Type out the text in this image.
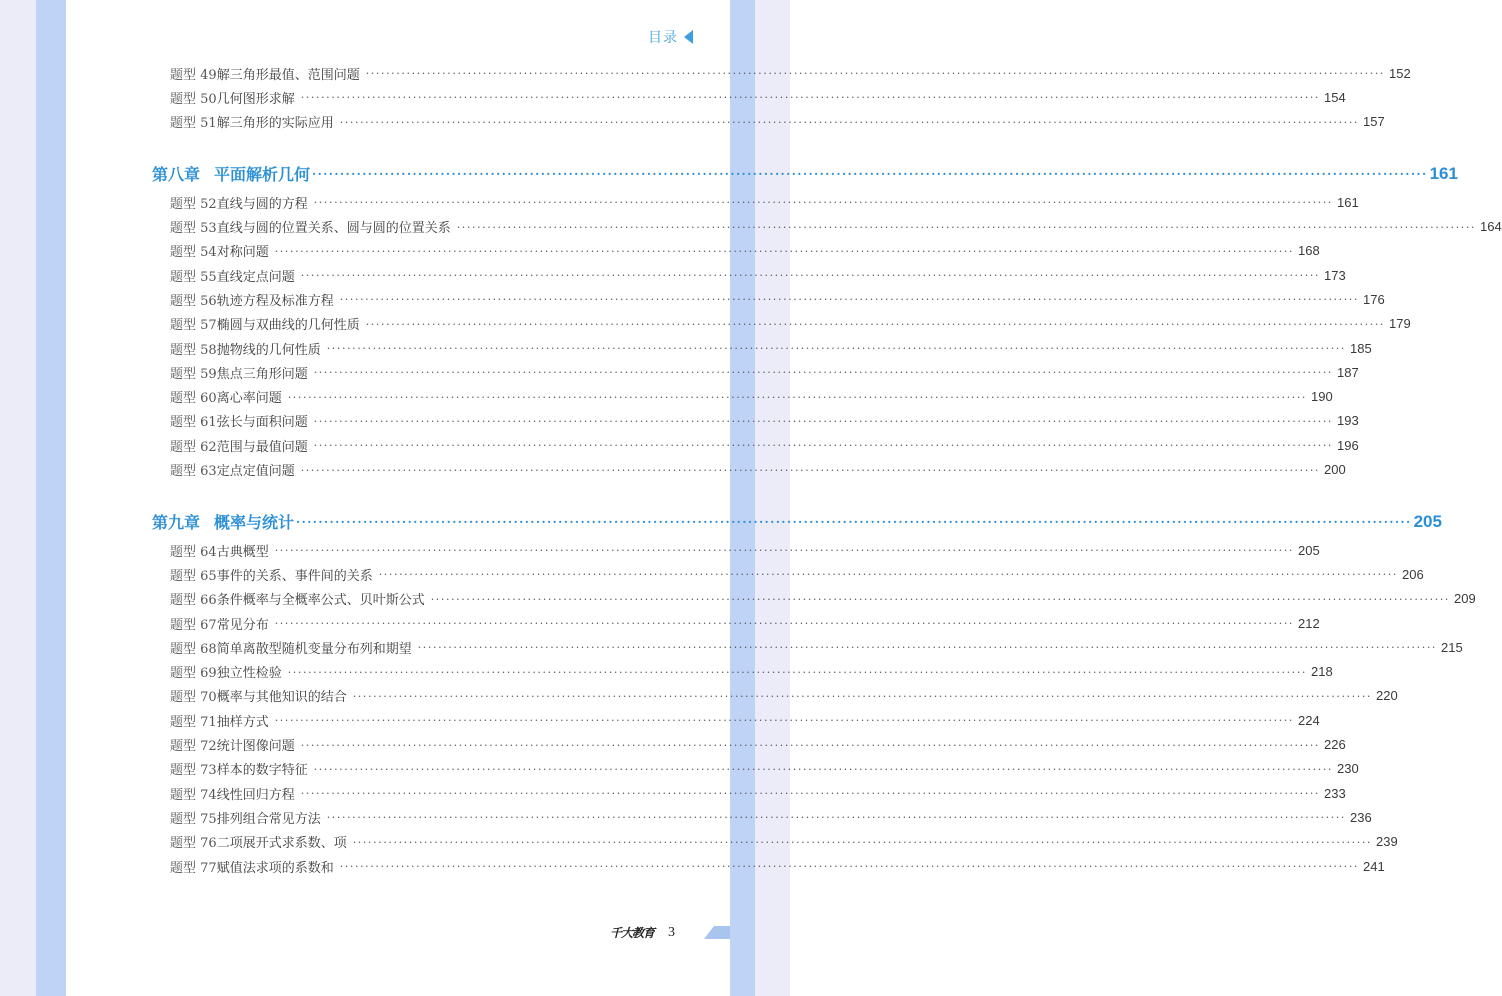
目录
题型 49 解三角形最值、范围问题 ········································································································································································································ 152
题型 50 几何图形求解 ········································································································································································································ 154
题型 51 解三角形的实际应用 ········································································································································································································ 157
第八章 平面解析几何 ········································································································································································································ 161
题型 52 直线与圆的方程 ········································································································································································································ 161
题型 53 直线与圆的位置关系、圆与圆的位置关系 ········································································································································································································ 164
题型 54 对称问题 ········································································································································································································ 168
题型 55 直线定点问题 ········································································································································································································ 173
题型 56 轨迹方程及标准方程 ········································································································································································································ 176
题型 57 椭圆与双曲线的几何性质 ········································································································································································································ 179
题型 58 抛物线的几何性质 ········································································································································································································ 185
题型 59 焦点三角形问题 ········································································································································································································ 187
题型 60 离心率问题 ········································································································································································································ 190
题型 61 弦长与面积问题 ········································································································································································································ 193
题型 62 范围与最值问题 ········································································································································································································ 196
题型 63 定点定值问题 ········································································································································································································ 200
第九章 概率与统计 ········································································································································································································ 205
题型 64 古典概型 ········································································································································································································ 205
题型 65 事件的关系、事件间的关系 ········································································································································································································ 206
题型 66 条件概率与全概率公式、贝叶斯公式 ········································································································································································································ 209
题型 67 常见分布 ········································································································································································································ 212
题型 68 简单离散型随机变量分布列和期望 ········································································································································································································ 215
题型 69 独立性检验 ········································································································································································································ 218
题型 70 概率与其他知识的结合 ········································································································································································································ 220
题型 71 抽样方式 ········································································································································································································ 224
题型 72 统计图像问题 ········································································································································································································ 226
题型 73 样本的数字特征 ········································································································································································································ 230
题型 74 线性回归方程 ········································································································································································································ 233
题型 75 排列组合常见方法 ········································································································································································································ 236
题型 76 二项展开式求系数、项 ········································································································································································································ 239
题型 77 赋值法求项的系数和 ········································································································································································································ 241
千大教育 3
